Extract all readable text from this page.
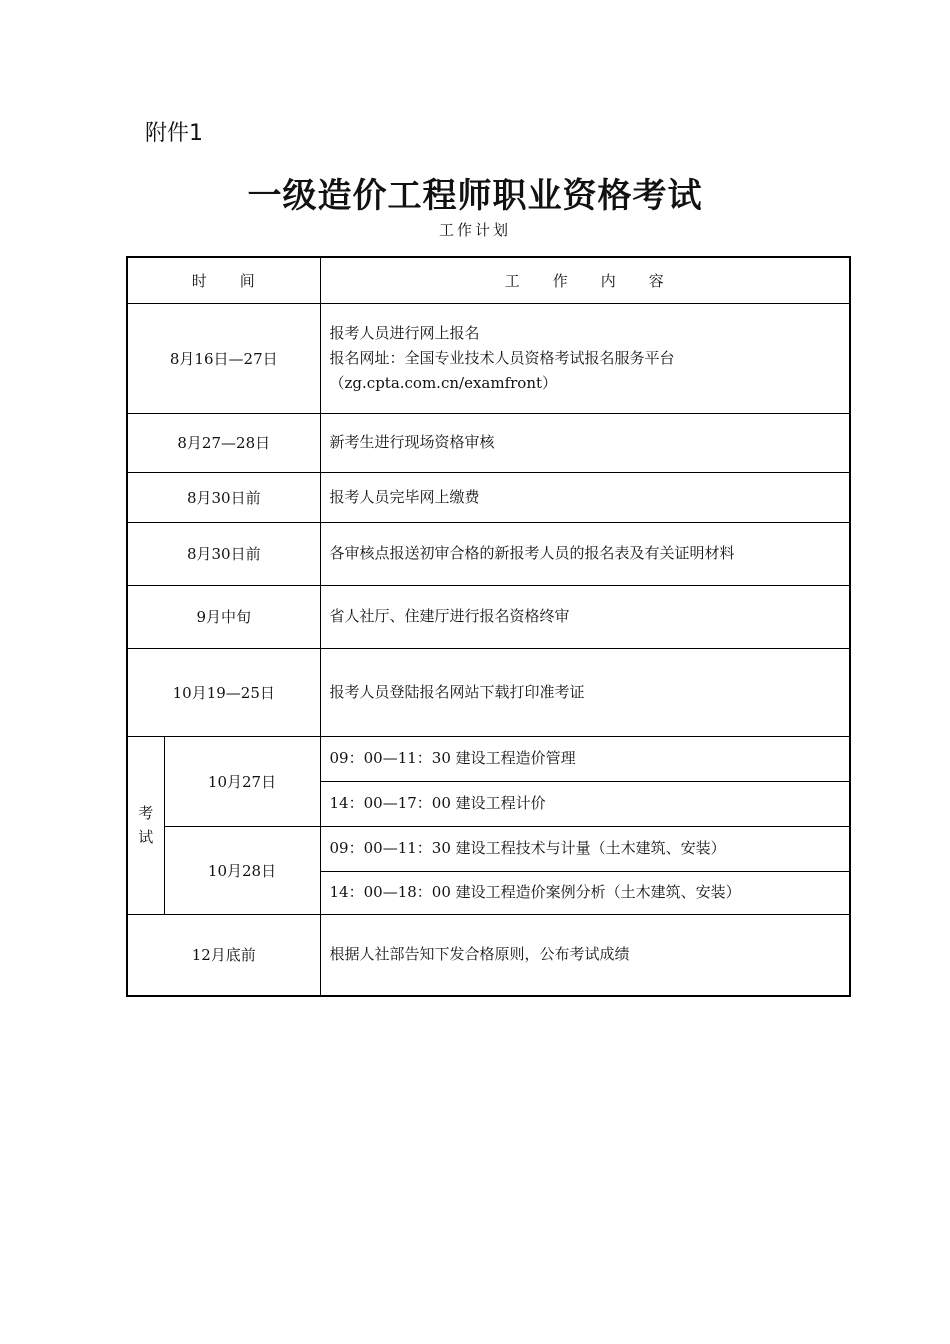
附件1
一级造价工程师职业资格考试
工作计划
时　　间		工　　作　　内　　容
8月16日—27日		报考人员进行网上报名
报名网址：全国专业技术人员资格考试报名服务平台
（zg.cpta.com.cn/examfront）

8月27—28日		新考生进行现场资格审核
8月30日前		报考人员完毕网上缴费
8月30日前		各审核点报送初审合格的新报考人员的报名表及有关证明材料
9月中旬		省人社厅、住建厅进行报名资格终审
10月19—25日		报考人员登陆报名网站下载打印准考证

考
试	10月27日	09：00—11：30 建设工程造价管理
		14：00—17：00 建设工程计价
	10月28日	09：00—11：30 建设工程技术与计量（土木建筑、安装）
		14：00—18：00 建设工程造价案例分析（土木建筑、安装）
12月底前		根据人社部告知下发合格原则，公布考试成绩
